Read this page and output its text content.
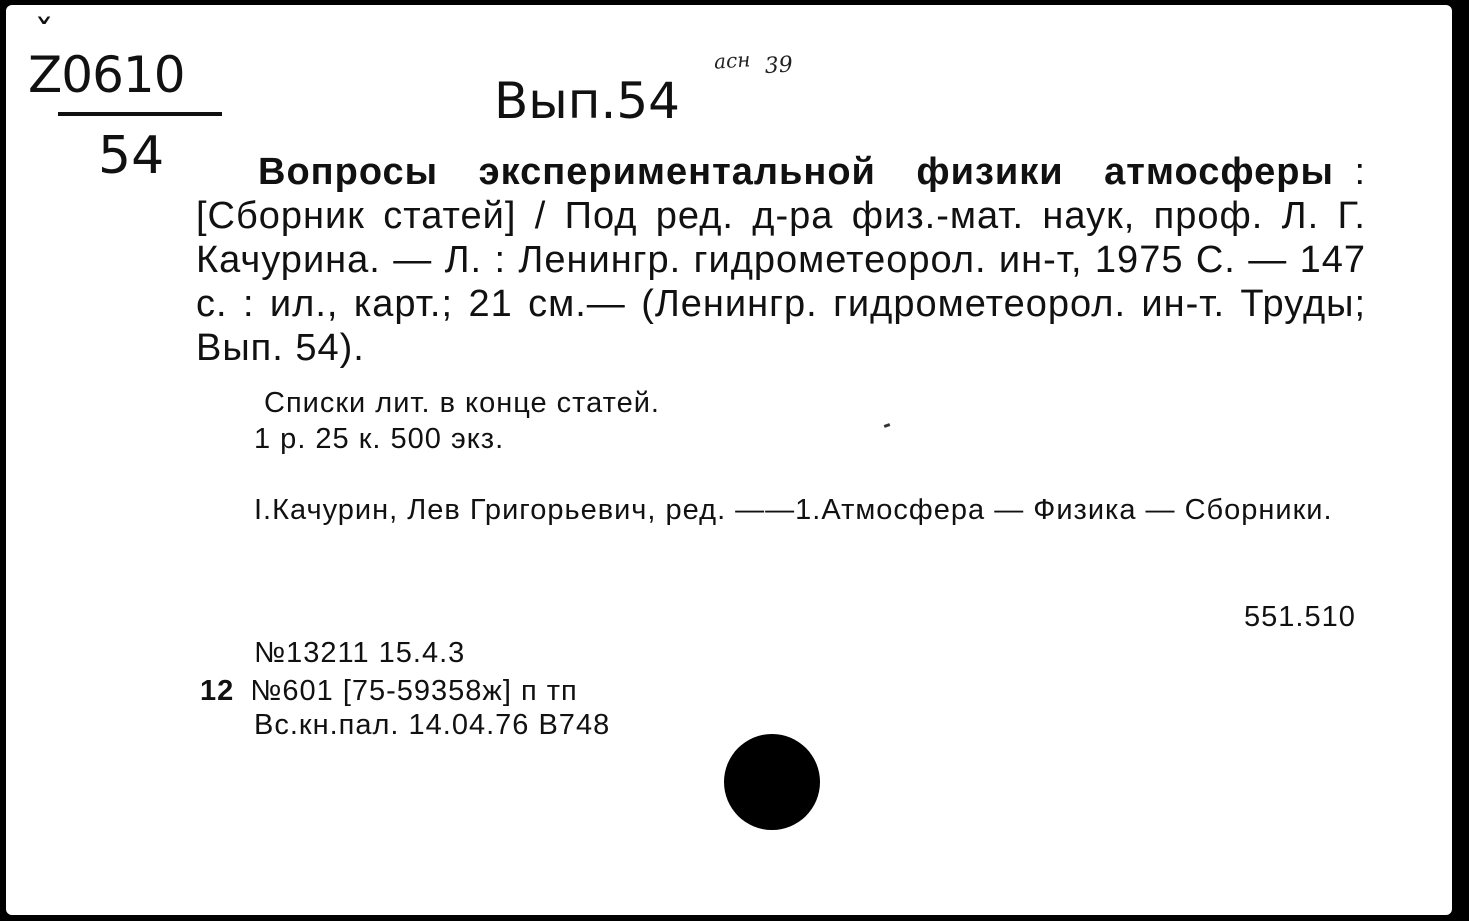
ˇ
Z0610
54
Вып.54
асн 39
Вопросы экспериментальной физики атмосферы : [Сборник статей] / Под ред. д-ра физ.-мат. наук, проф. Л. Г. Качурина. — Л. : Ленингр. гидрометеорол. ин-т, 1975 С. — 147 с. : ил., карт.; 21 см.— (Ленингр. гидрометеорол. ин-т. Труды; Вып. 54).
Списки лит. в конце статей.
1 р. 25 к. 500 экз.
I.Качурин, Лев Григорьевич, ред. ——1.Атмосфера — Физика — Сборники.
551.510
№13211 15.4.3
12 №601 [75-59358ж] п тп
Вс.кн.пал. 14.04.76 В748
